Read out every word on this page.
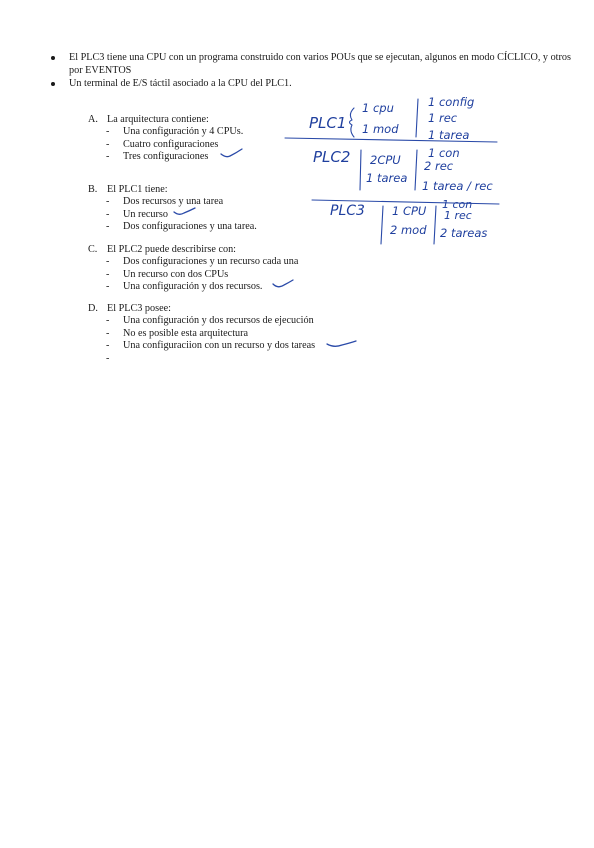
El PLC3 tiene una CPU con un programa construido con varios POUs que se ejecutan, algunos en modo CÍCLICO, y otros por EVENTOS
Un terminal de E/S táctil asociado a la CPU del PLC1.
A. La arquitectura contiene:
-	Una configuración y 4 CPUs.
-	Cuatro configuraciones
-	Tres configuraciones
B. El PLC1 tiene:
-	Dos recursos y una tarea
-	Un recurso
-	Dos configuraciones y una tarea.
C. El PLC2 puede describirse con:
-	Dos configuraciones y un recurso cada una
-	Un recurso con dos CPUs
-	Una configuración y dos recursos.
D. El PLC3 posee:
-	Una configuración y dos recursos de ejecución
-	No es posible esta arquitectura
-	Una configuraciion con un recurso y dos tareas
-
PLC1
1 cpu
1 mod
1 config
1 rec
1 tarea
PLC2 2CPU
1 tarea
1 con
2 rec
1 tarea / rec
PLC3 1 CPU
2 mod
1 con
1 rec
2 tareas
